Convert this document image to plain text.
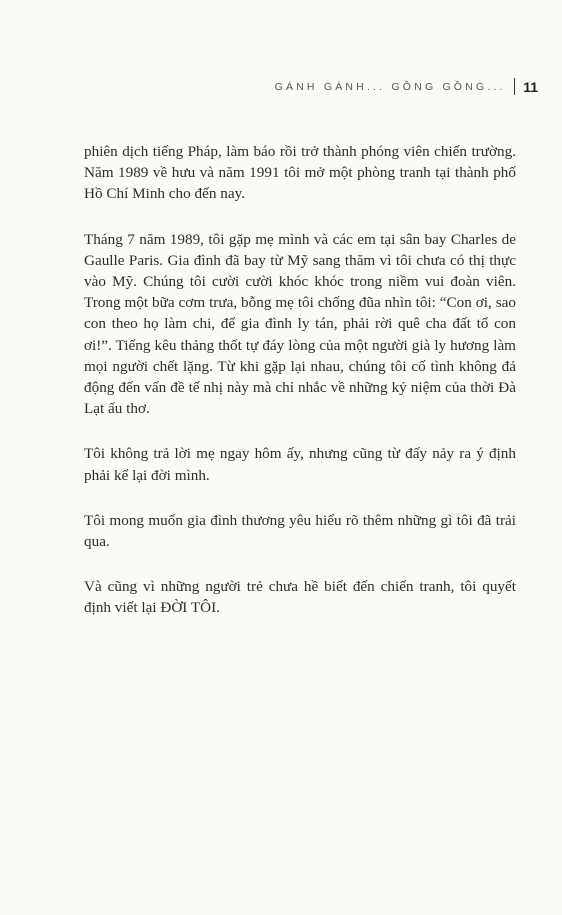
GÁNH GÁNH... GỒNG GỒNG... 11

phiên dịch tiếng Pháp, làm báo rồi trở thành phóng viên chiến trường. Năm 1989 về hưu và năm 1991 tôi mở một phòng tranh tại thành phố Hồ Chí Minh cho đến nay.

Tháng 7 năm 1989, tôi gặp mẹ mình và các em tại sân bay Charles de Gaulle Paris. Gia đình đã bay từ Mỹ sang thăm vì tôi chưa có thị thực vào Mỹ. Chúng tôi cười cười khóc khóc trong niềm vui đoàn viên. Trong một bữa cơm trưa, bỗng mẹ tôi chống đũa nhìn tôi: “Con ơi, sao con theo họ làm chi, để gia đình ly tán, phải rời quê cha đất tổ con ơi!”. Tiếng kêu thảng thốt tự đáy lòng của một người già ly hương làm mọi người chết lặng. Từ khi gặp lại nhau, chúng tôi cố tình không đả động đến vấn đề tế nhị này mà chỉ nhắc về những kỷ niệm của thời Đà Lạt ấu thơ.

Tôi không trả lời mẹ ngay hôm ấy, nhưng cũng từ đấy nảy ra ý định phải kể lại đời mình.

Tôi mong muốn gia đình thương yêu hiểu rõ thêm những gì tôi đã trải qua.

Và cũng vì những người trẻ chưa hề biết đến chiến tranh, tôi quyết định viết lại ĐỜI TÔI.
